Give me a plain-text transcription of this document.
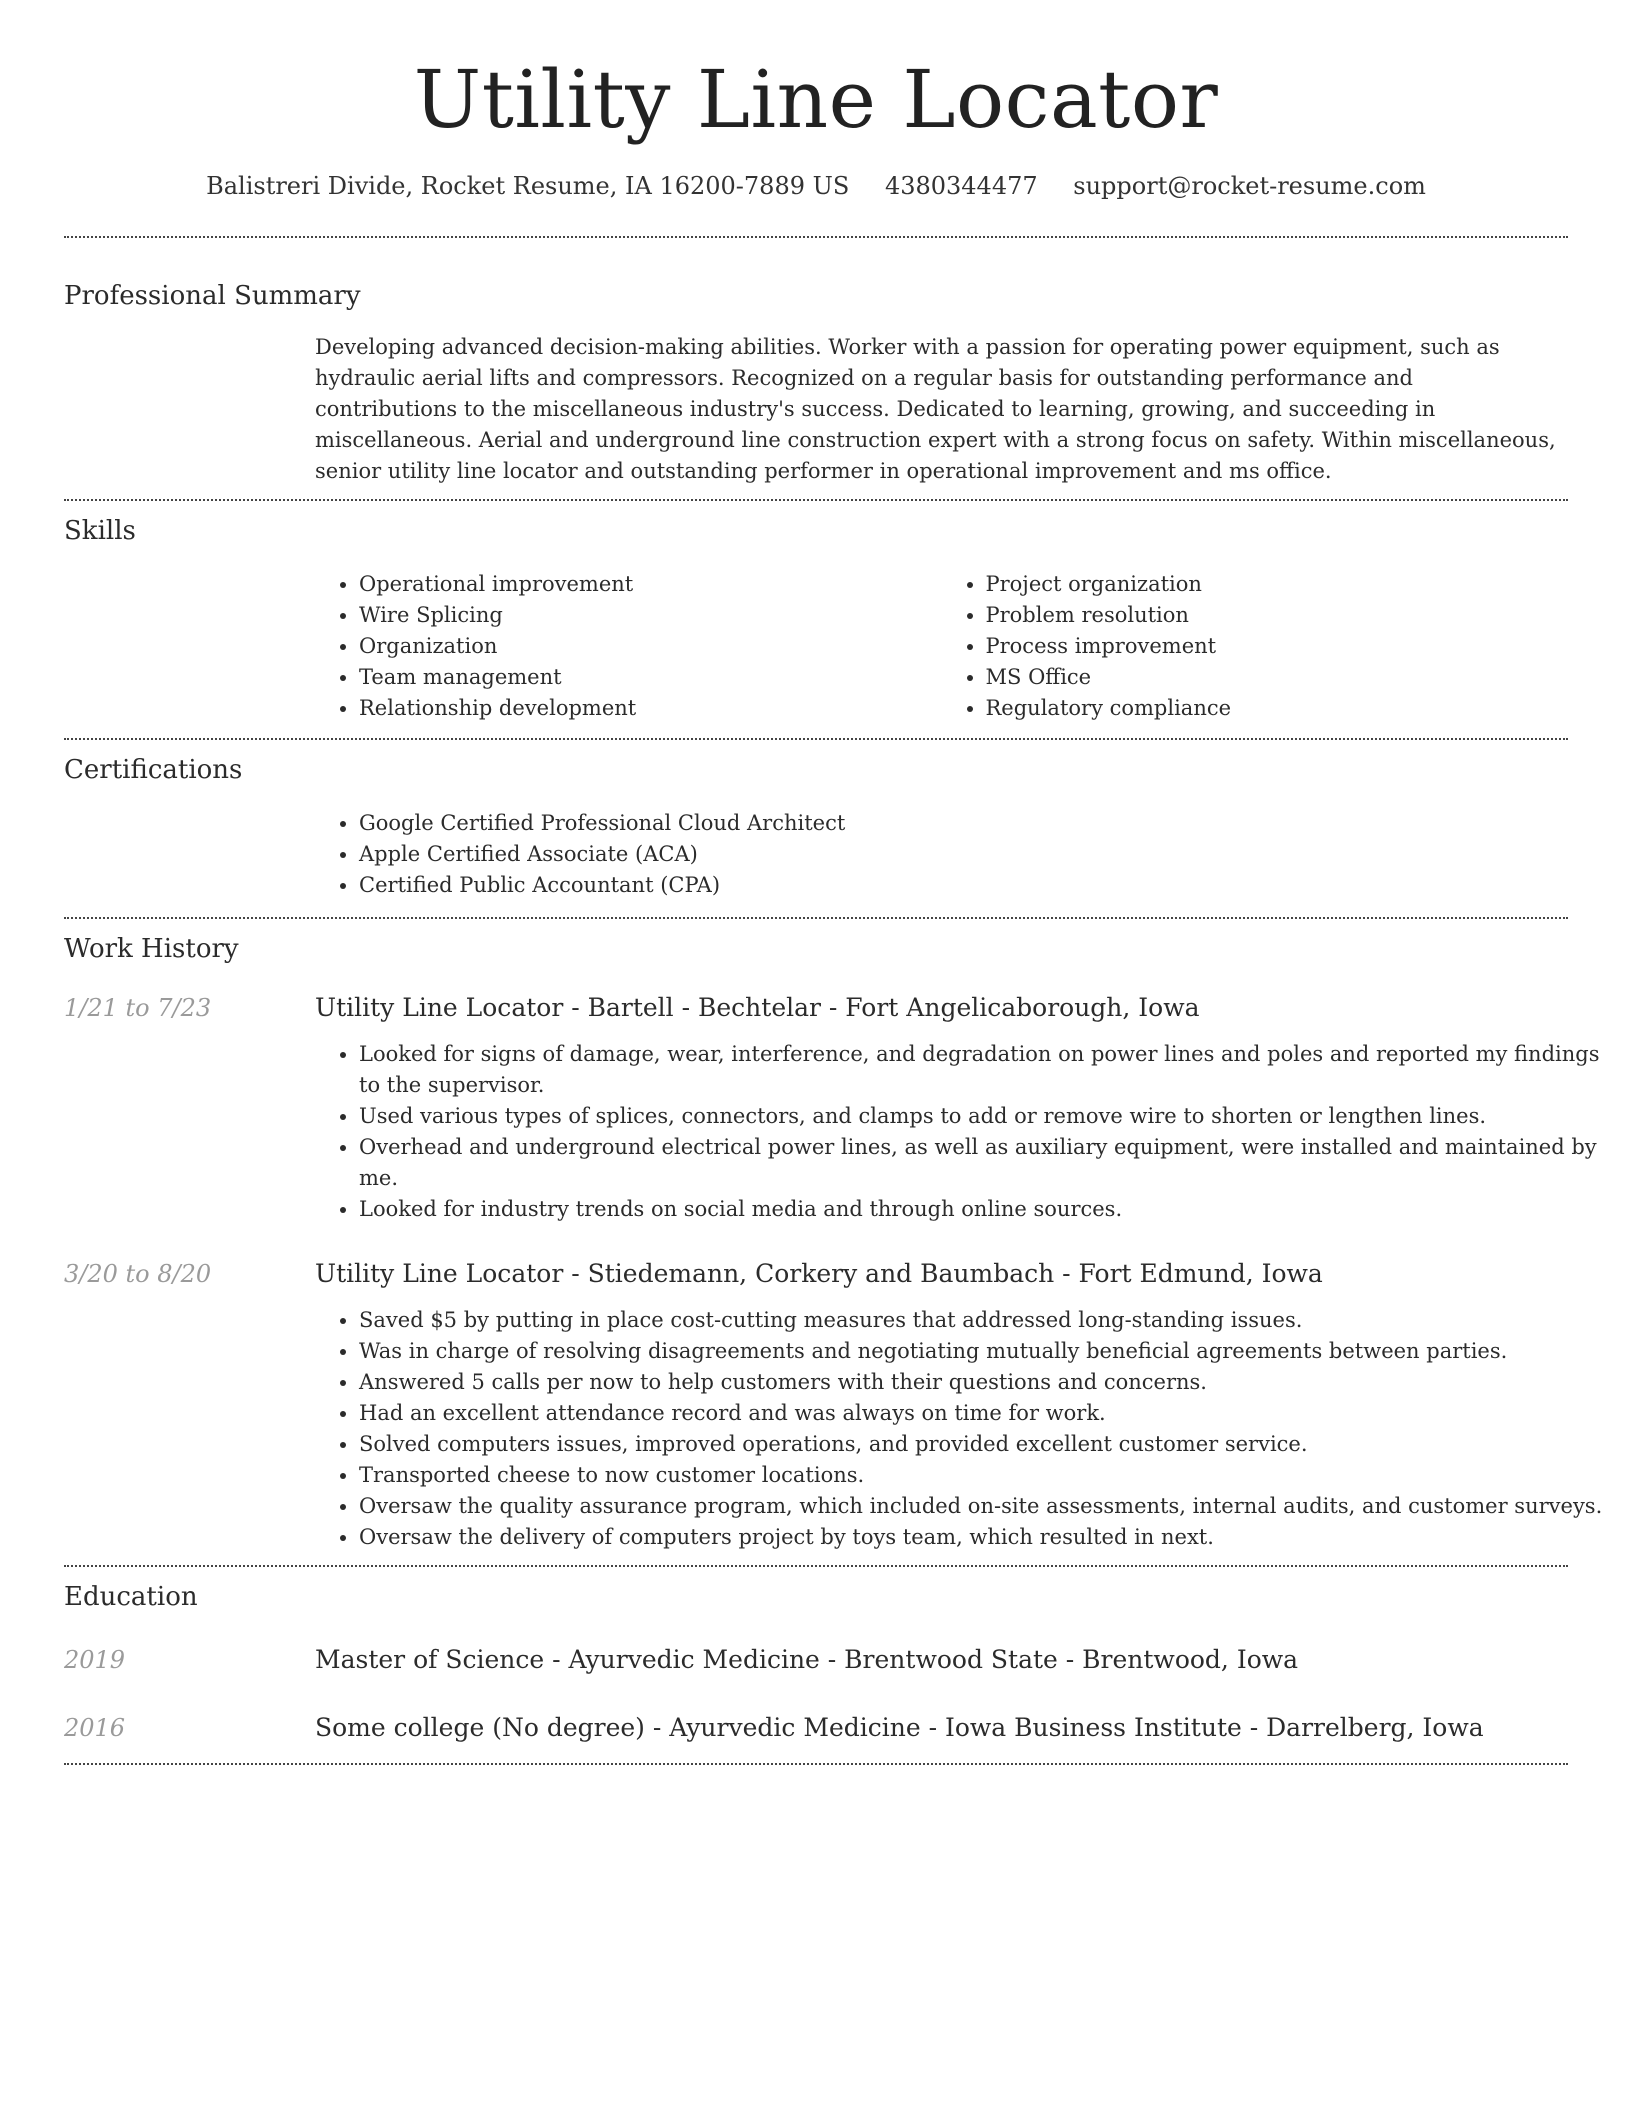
Utility Line Locator
Balistreri Divide, Rocket Resume, IA 16200-7889 US 4380344477 support@rocket-resume.com
Professional Summary
Developing advanced decision-making abilities. Worker with a passion for operating power equipment, such as hydraulic aerial lifts and compressors. Recognized on a regular basis for outstanding performance and contributions to the miscellaneous industry's success. Dedicated to learning, growing, and succeeding in miscellaneous. Aerial and underground line construction expert with a strong focus on safety. Within miscellaneous, senior utility line locator and outstanding performer in operational improvement and ms office.
Skills
• Operational improvement
• Wire Splicing
• Organization
• Team management
• Relationship development
• Project organization
• Problem resolution
• Process improvement
• MS Office
• Regulatory compliance
Certifications
• Google Certified Professional Cloud Architect
• Apple Certified Associate (ACA)
• Certified Public Accountant (CPA)
Work History
1/21 to 7/23	Utility Line Locator - Bartell - Bechtelar - Fort Angelicaborough, Iowa
• Looked for signs of damage, wear, interference, and degradation on power lines and poles and reported my findings to the supervisor.
• Used various types of splices, connectors, and clamps to add or remove wire to shorten or lengthen lines.
• Overhead and underground electrical power lines, as well as auxiliary equipment, were installed and maintained by me.
• Looked for industry trends on social media and through online sources.
3/20 to 8/20	Utility Line Locator - Stiedemann, Corkery and Baumbach - Fort Edmund, Iowa
• Saved $5 by putting in place cost-cutting measures that addressed long-standing issues.
• Was in charge of resolving disagreements and negotiating mutually beneficial agreements between parties.
• Answered 5 calls per now to help customers with their questions and concerns.
• Had an excellent attendance record and was always on time for work.
• Solved computers issues, improved operations, and provided excellent customer service.
• Transported cheese to now customer locations.
• Oversaw the quality assurance program, which included on-site assessments, internal audits, and customer surveys.
• Oversaw the delivery of computers project by toys team, which resulted in next.
Education
2019	Master of Science - Ayurvedic Medicine - Brentwood State - Brentwood, Iowa
2016	Some college (No degree) - Ayurvedic Medicine - Iowa Business Institute - Darrelberg, Iowa
